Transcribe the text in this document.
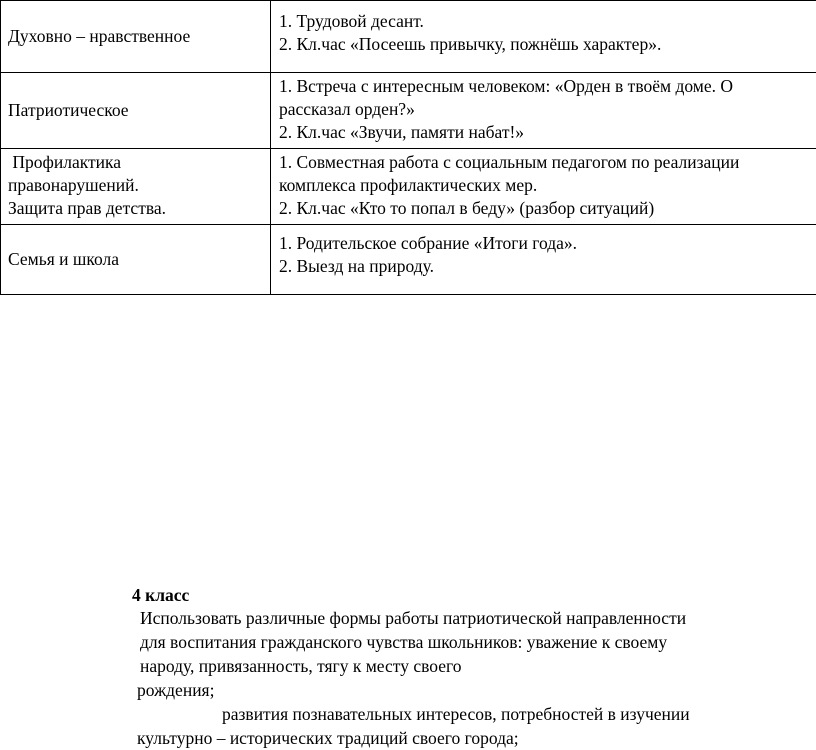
Духовно – нравственное	1. Трудовой десант.
2. Кл.час «Посеешь привычку, пожнёшь характер».

Патриотическое	1. Встреча с интересным человеком: «Орден в твоём доме. О
рассказал орден?»
2. Кл.час «Звучи, памяти набат!»

Профилактика
правонарушений.
Защита прав детства.	1. Совместная работа с социальным педагогом по реализации
комплекса профилактических мер.
2. Кл.час «Кто то попал в беду» (разбор ситуаций)

Семья и школа	1. Родительское собрание «Итоги года».
2. Выезд на природу.
4 класс
Использовать различные формы работы патриотической направленности
для воспитания гражданского чувства школьников: уважение к своему
народу, привязанность, тягу к месту своего
рождения;
развития познавательных интересов, потребностей в изучении
культурно – исторических традиций своего города;
